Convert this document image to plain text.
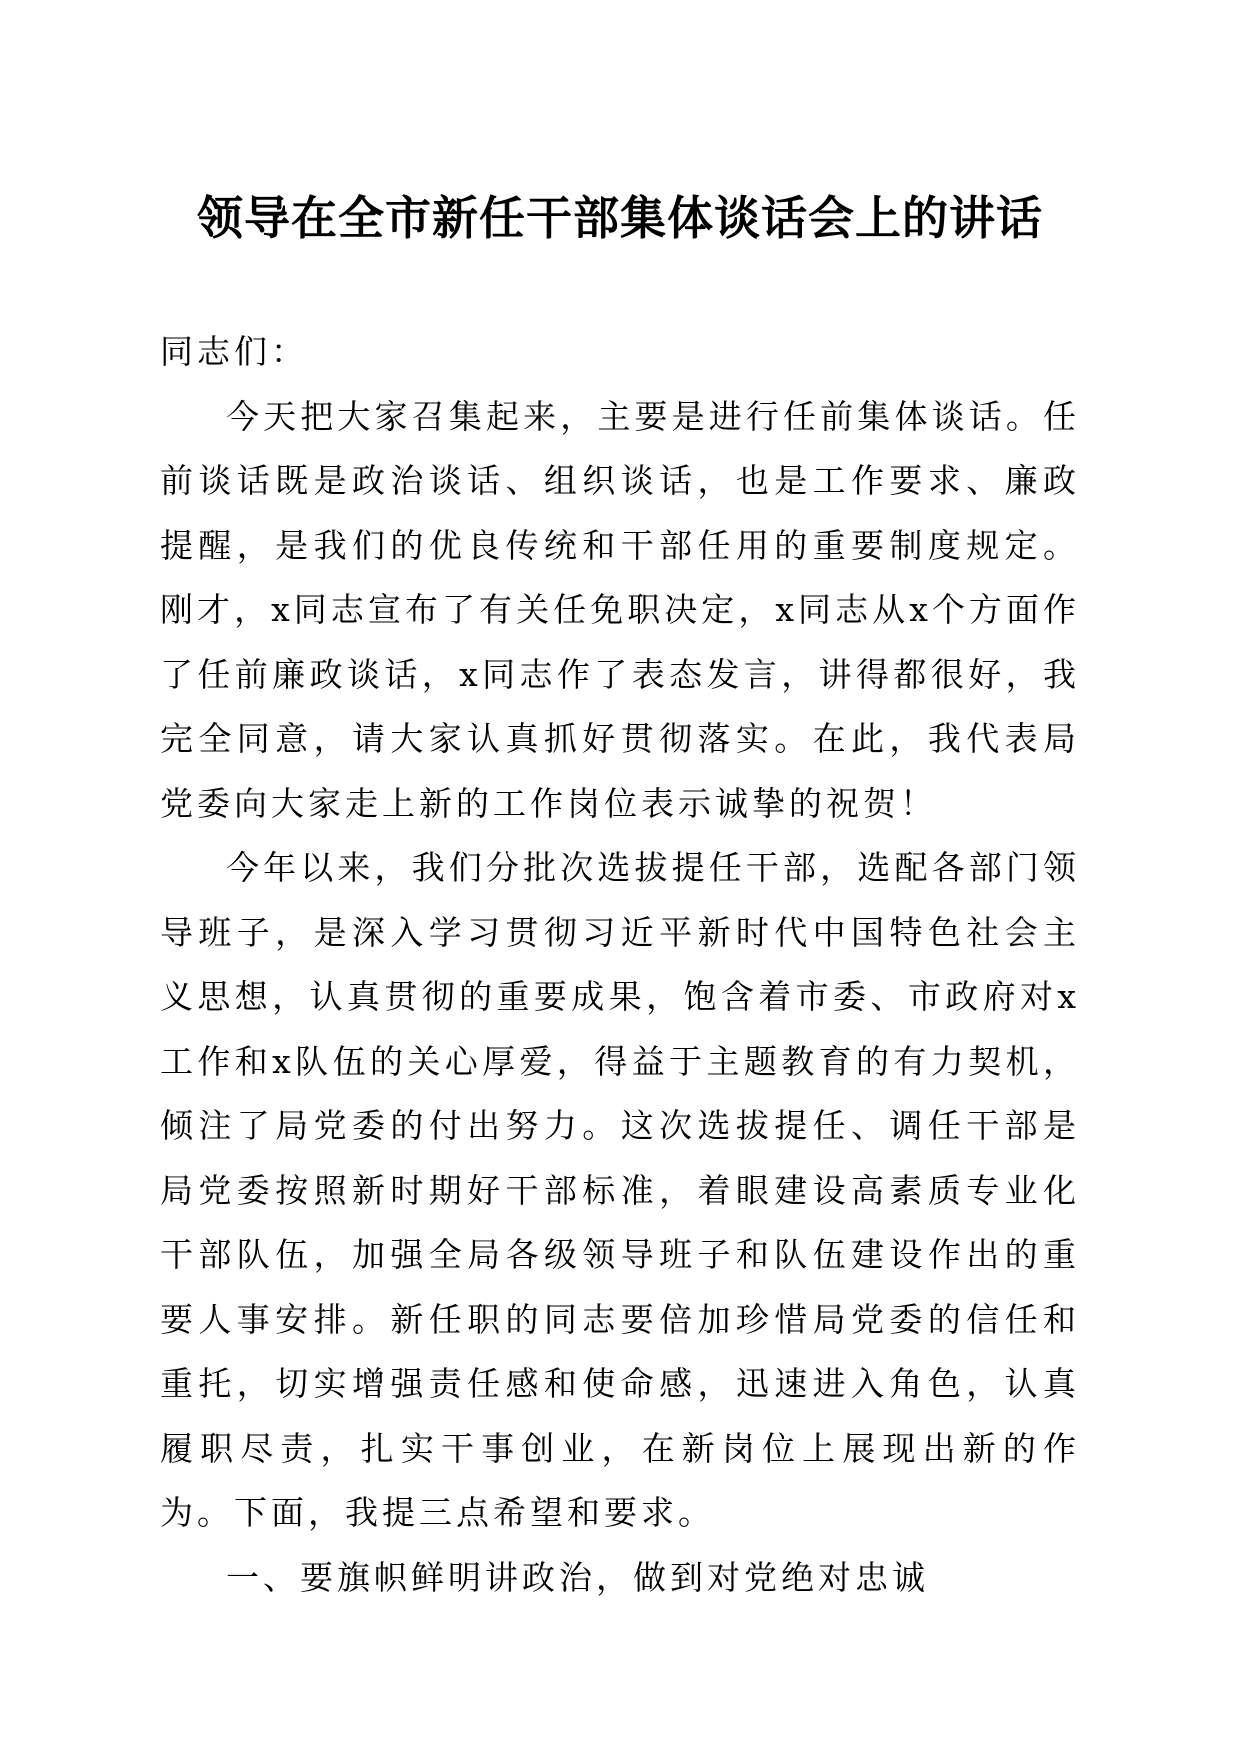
领导在全市新任干部集体谈话会上的讲话

同志们：

今天把大家召集起来，主要是进行任前集体谈话。任前谈话既是政治谈话、组织谈话，也是工作要求、廉政提醒，是我们的优良传统和干部任用的重要制度规定。刚才，x同志宣布了有关任免职决定，x同志从x个方面作了任前廉政谈话，x同志作了表态发言，讲得都很好，我完全同意，请大家认真抓好贯彻落实。在此，我代表局党委向大家走上新的工作岗位表示诚挚的祝贺！

今年以来，我们分批次选拔提任干部，选配各部门领导班子，是深入学习贯彻习近平新时代中国特色社会主义思想，认真贯彻的重要成果，饱含着市委、市政府对x工作和x队伍的关心厚爱，得益于主题教育的有力契机，倾注了局党委的付出努力。这次选拔提任、调任干部是局党委按照新时期好干部标准，着眼建设高素质专业化干部队伍，加强全局各级领导班子和队伍建设作出的重要人事安排。新任职的同志要倍加珍惜局党委的信任和重托，切实增强责任感和使命感，迅速进入角色，认真履职尽责，扎实干事创业，在新岗位上展现出新的作为。下面，我提三点希望和要求。

一、要旗帜鲜明讲政治，做到对党绝对忠诚
